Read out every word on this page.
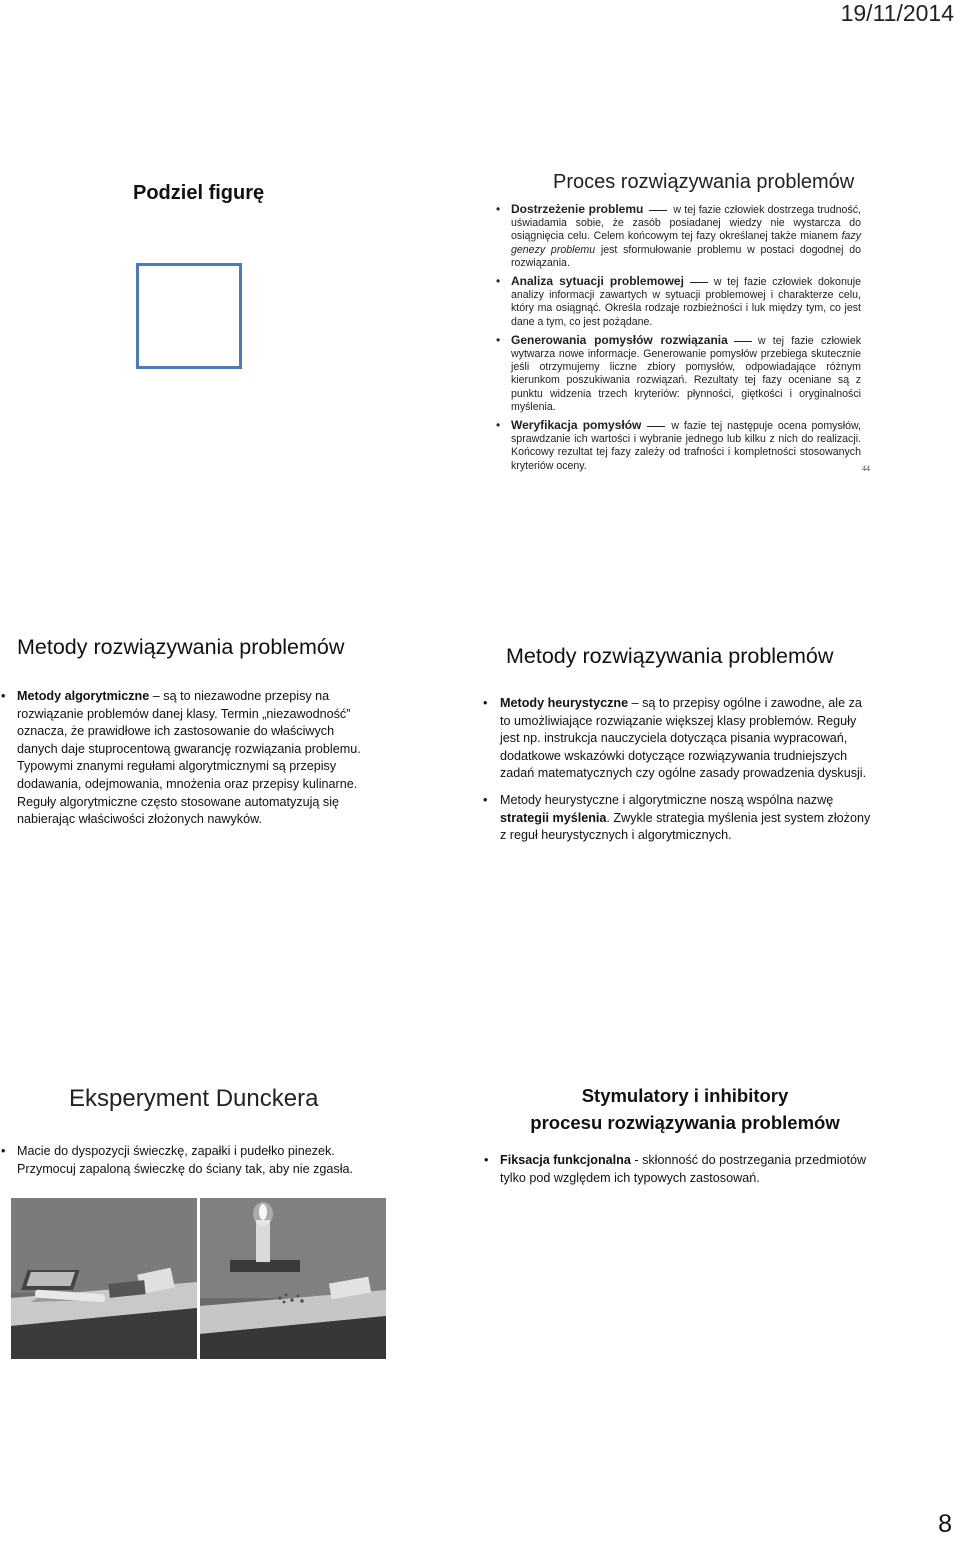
19/11/2014
8
Podziel figurę	Proces rozwiązywania problemów
• Dostrzeżenie problemu	w tej fazie człowiek dostrzega trudność, uświadamia sobie, że zasób posiadanej wiedzy nie wystarcza do osiągnięcia celu. Celem końcowym tej fazy określanej także mianem fazy genezy problemu jest sformułowanie problemu w postaci dogodnej do rozwiązania.
• Analiza sytuacji problemowej	w tej fazie człowiek dokonuje analizy informacji zawartych w sytuacji problemowej i charakterze celu, który ma osiągnąć. Określa rodzaje rozbieżności i luk między tym, co jest dane a tym, co jest pożądane.
• Generowania pomysłów rozwiązania	w tej fazie człowiek wytwarza nowe informacje. Generowanie pomysłów przebiega skutecznie jeśli otrzymujemy liczne zbiory pomysłów, odpowiadające różnym kierunkom poszukiwania rozwiązań. Rezultaty tej fazy oceniane są z punktu widzenia trzech kryteriów: płynności, giętkości i oryginalności myślenia.
• Weryfikacja pomysłów	w fazie tej następuje ocena pomysłów, sprawdzanie ich wartości i wybranie jednego lub kilku z nich do realizacji. Końcowy rezultat tej fazy zależy od trafności i kompletności stosowanych kryteriów oceny.	44
Metody rozwiązywania problemów
• Metody algorytmiczne – są to niezawodne przepisy na rozwiązanie problemów danej klasy. Termin „niezawodność” oznacza, że prawidłowe ich zastosowanie do właściwych danych daje stuprocentową gwarancję rozwiązania problemu. Typowymi znanymi regułami algorytmicznymi są przepisy dodawania, odejmowania, mnożenia oraz przepisy kulinarne. Reguły algorytmiczne często stosowane automatyzują się nabierając właściwości złożonych nawyków.
Metody rozwiązywania problemów
• Metody heurystyczne – są to przepisy ogólne i zawodne, ale za to umożliwiające rozwiązanie większej klasy problemów. Reguły jest np. instrukcja nauczyciela dotycząca pisania wypracowań, dodatkowe wskazówki dotyczące rozwiązywania trudniejszych zadań matematycznych czy ogólne zasady prowadzenia dyskusji.
• Metody heurystyczne i algorytmiczne noszą wspólna nazwę strategii myślenia. Zwykle strategia myślenia jest system złożony z reguł heurystycznych i algorytmicznych.
Eksperyment Dunckera
• Macie do dyspozycji świeczkę, zapałki i pudełko pinezek. Przymocuj zapaloną świeczkę do ściany tak, aby nie zgasła.
Stymulatory i inhibitory
procesu rozwiązywania problemów
• Fiksacja funkcjonalna - skłonność do postrzegania przedmiotów tylko pod względem ich typowych zastosowań.
